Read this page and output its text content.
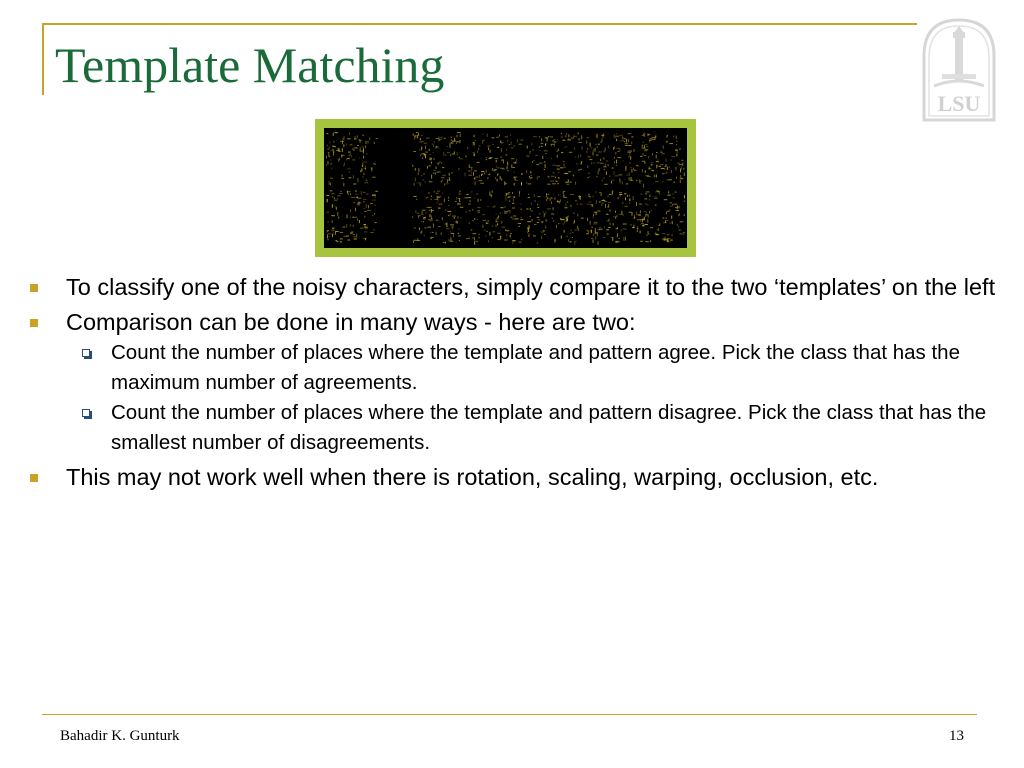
Template Matching
LSU
To classify one of the noisy characters, simply compare it to the two ‘templates’ on the left
Comparison can be done in many ways - here are two:
Count the number of places where the template and pattern agree. Pick the class that has the maximum number of agreements.
Count the number of places where the template and pattern disagree. Pick the class that has the smallest number of disagreements.
This may not work well when there is rotation, scaling, warping, occlusion, etc.
Bahadir K. Gunturk	13
